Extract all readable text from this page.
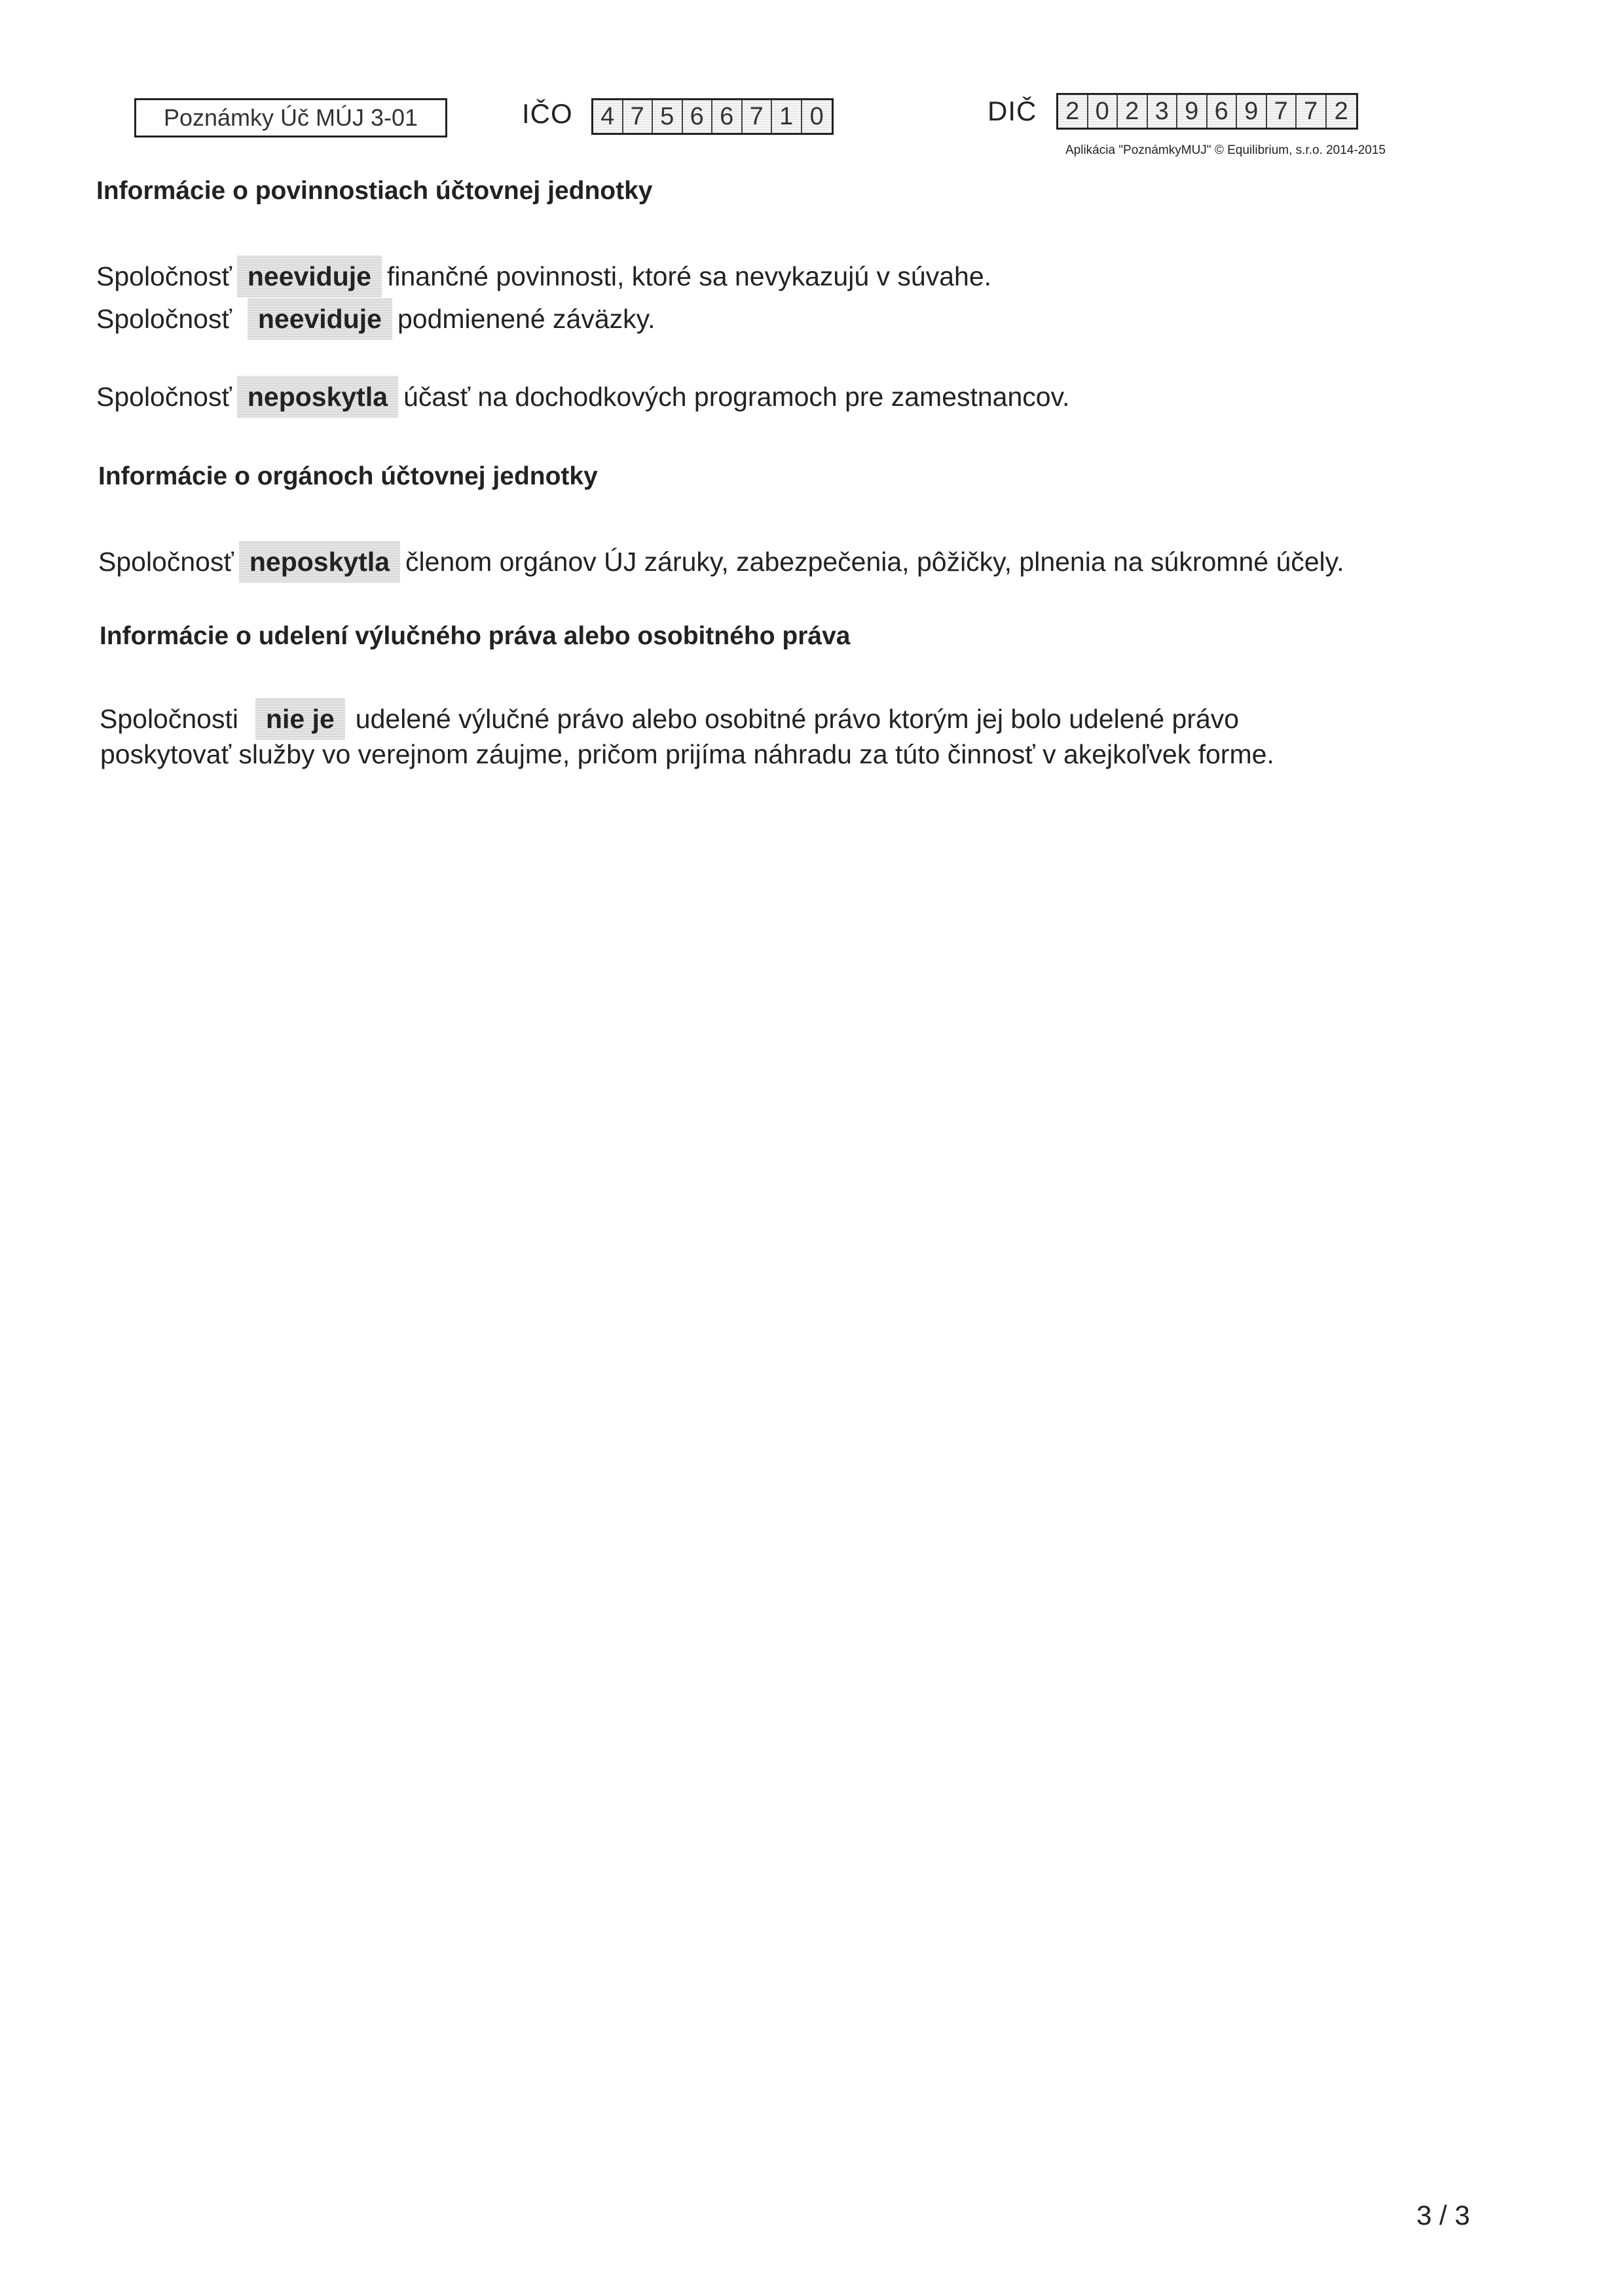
Poznámky Úč MÚJ 3-01	IČO 4 7 5 6 6 7 1 0	DIČ 2 0 2 3 9 6 9 7 7 2
Aplikácia "PoznámkyMUJ" © Equilibrium, s.r.o. 2014-2015
Informácie o povinnostiach účtovnej jednotky
Spoločnosť neeviduje finančné povinnosti, ktoré sa nevykazujú v súvahe.
Spoločnosť neeviduje podmienené záväzky.
Spoločnosť neposkytla účasť na dochodkových programoch pre zamestnancov.
Informácie o orgánoch účtovnej jednotky
Spoločnosť neposkytla členom orgánov ÚJ záruky, zabezpečenia, pôžičky, plnenia na súkromné účely.
Informácie o udelení výlučného práva alebo osobitného práva
Spoločnosti nie je udelené výlučné právo alebo osobitné právo ktorým jej bolo udelené právo
poskytovať služby vo verejnom záujme, pričom prijíma náhradu za túto činnosť v akejkoľvek forme.
3 / 3
